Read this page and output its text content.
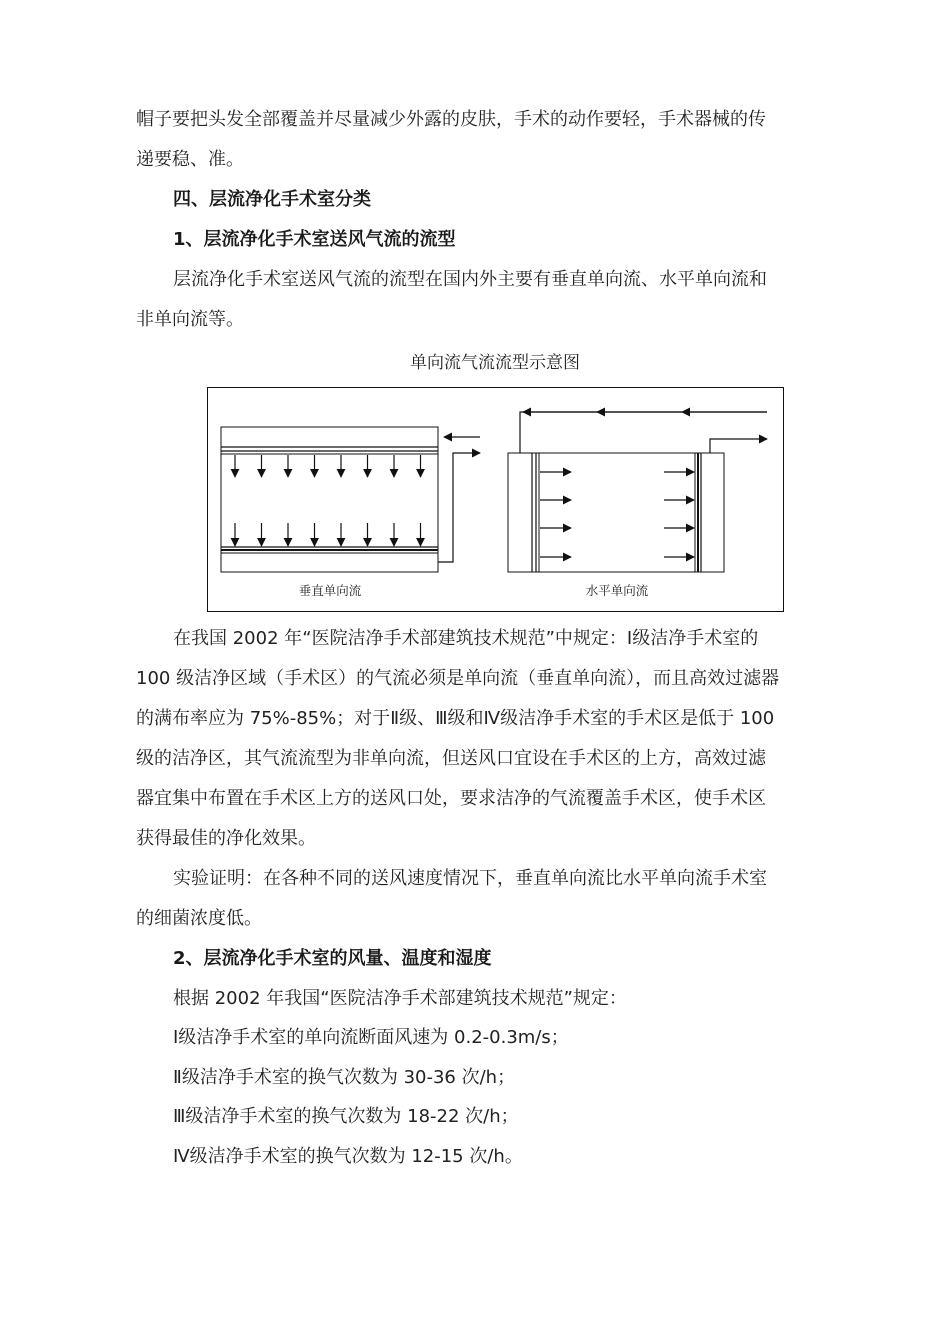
帽子要把头发全部覆盖并尽量减少外露的皮肤，手术的动作要轻，手术器械的传
递要稳、准。
四、层流净化手术室分类
1、层流净化手术室送风气流的流型
层流净化手术室送风气流的流型在国内外主要有垂直单向流、水平单向流和
非单向流等。
单向流气流流型示意图
垂直单向流	水平单向流
在我国 2002 年“医院洁净手术部建筑技术规范”中规定：Ⅰ级洁净手术室的
100 级洁净区域（手术区）的气流必须是单向流（垂直单向流），而且高效过滤器
的满布率应为 75%-85%；对于Ⅱ级、Ⅲ级和Ⅳ级洁净手术室的手术区是低于 100
级的洁净区，其气流流型为非单向流，但送风口宜设在手术区的上方，高效过滤
器宜集中布置在手术区上方的送风口处，要求洁净的气流覆盖手术区，使手术区
获得最佳的净化效果。
实验证明：在各种不同的送风速度情况下，垂直单向流比水平单向流手术室
的细菌浓度低。
2、层流净化手术室的风量、温度和湿度
根据 2002 年我国“医院洁净手术部建筑技术规范”规定：
Ⅰ级洁净手术室的单向流断面风速为 0.2-0.3m/s；
Ⅱ级洁净手术室的换气次数为 30-36 次/h；
Ⅲ级洁净手术室的换气次数为 18-22 次/h；
Ⅳ级洁净手术室的换气次数为 12-15 次/h。
